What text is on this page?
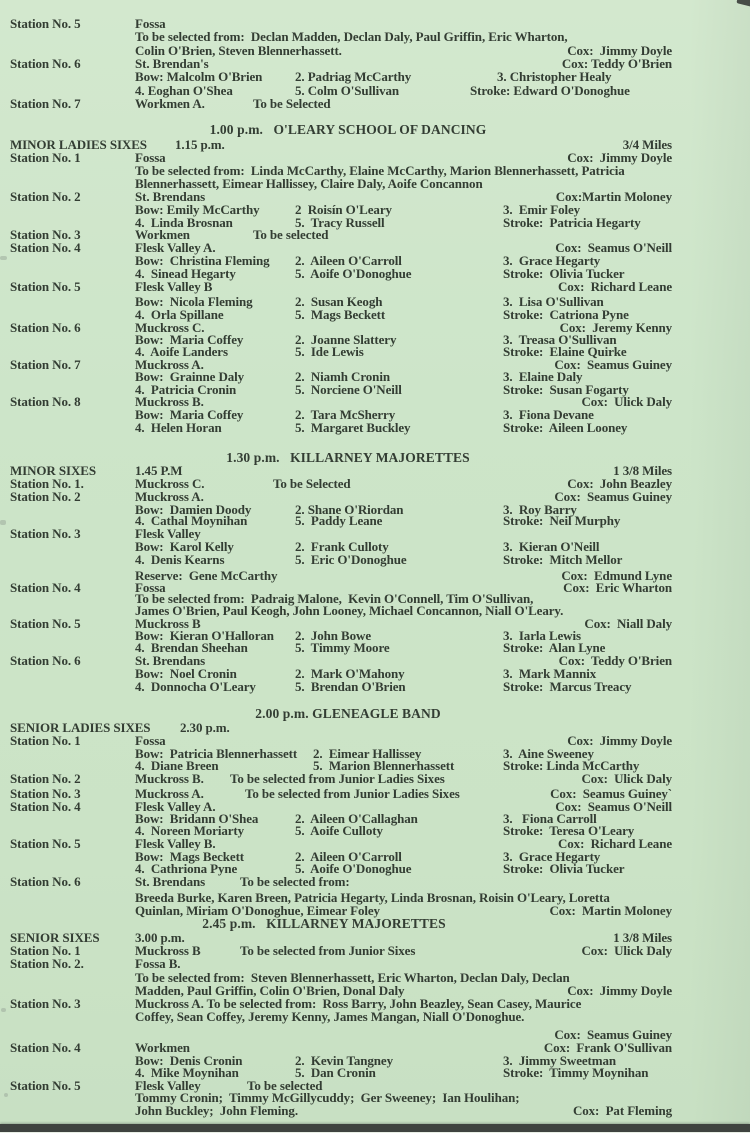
Station No. 5	Fossa
To be selected from:  Declan Madden, Declan Daly, Paul Griffin, Eric Wharton,
Colin O'Brien, Steven Blennerhassett.	Cox:  Jimmy Doyle
Station No. 6	St. Brendan's	Cox: Teddy O'Brien
Bow: Malcolm O'Brien	2. Padriag McCarthy	3. Christopher Healy
4. Eoghan O'Shea	5. Colm O'Sullivan	Stroke: Edward O'Donoghue
Station No. 7	Workmen A.	To be Selected
1.00 p.m.   O'LEARY SCHOOL OF DANCING
MINOR LADIES SIXES 1.15 p.m.	3/4 Miles
Station No. 1	Fossa	Cox:  Jimmy Doyle
To be selected from:  Linda McCarthy, Elaine McCarthy, Marion Blennerhassett, Patricia
Blennerhassett, Eimear Hallissey, Claire Daly, Aoife Concannon
Station No. 2	St. Brendans	Cox:Martin Moloney
Bow: Emily McCarthy	2  Roisín O'Leary	3.  Emir Foley
4.  Linda Brosnan	5.  Tracy Russell	Stroke:  Patricia Hegarty
Station No. 3	Workmen	To be selected
Station No. 4	Flesk Valley A.	Cox:  Seamus O'Neill
Bow:  Christina Fleming 2.  Aileen O'Carroll	3.  Grace Hegarty
4.  Sinead Hegarty	5.  Aoife O'Donoghue	Stroke:  Olivia Tucker
Station No. 5	Flesk Valley B	Cox:  Richard Leane
Bow:  Nicola Fleming	2.  Susan Keogh	3.  Lisa O'Sullivan
4.  Orla Spillane	5.  Mags Beckett	Stroke:  Catriona Pyne
Station No. 6	Muckross C.	Cox:  Jeremy Kenny
Bow:  Maria Coffey	2.  Joanne Slattery	3.  Treasa O'Sullivan
4.  Aoife Landers	5.  Ide Lewis	Stroke:  Elaine Quirke
Station No. 7	Muckross A.	Cox:  Seamus Guiney
Bow:  Grainne Daly	2.  Niamh Cronin	3.  Elaine Daly
4.  Patricia Cronin	5.  Norciene O'Neill	Stroke:  Susan Fogarty
Station No. 8	Muckross B.	Cox:  Ulick Daly
Bow:  Maria Coffey	2.  Tara McSherry	3.  Fiona Devane
4.  Helen Horan	5.  Margaret Buckley	Stroke:  Aileen Looney
1.30 p.m.   KILLARNEY MAJORETTES
MINOR SIXES	1.45 P.M	1 3/8 Miles
Station No. 1.	Muckross C.	To be Selected	Cox:  John Beazley
Station No. 2	Muckross A.	Cox:  Seamus Guiney
Bow:  Damien Doody	2. Shane O'Riordan	3.  Roy Barry
4.  Cathal Moynihan	5.  Paddy Leane	Stroke:  Neil Murphy
Station No. 3	Flesk Valley
Bow:  Karol Kelly	2.  Frank Culloty	3.  Kieran O'Neill
4.  Denis Kearns	5.  Eric O'Donoghue	Stroke:  Mitch Mellor
Reserve:  Gene McCarthy	Cox:  Edmund Lyne
Station No. 4	Fossa	Cox:  Eric Wharton
To be selected from:  Padraig Malone,  Kevin O'Connell, Tim O'Sullivan,
James O'Brien, Paul Keogh, John Looney, Michael Concannon, Niall O'Leary.
Station No. 5	Muckross B	Cox:  Niall Daly
Bow:  Kieran O'Halloran 2.  John Bowe	3.  Iarla Lewis
4.  Brendan Sheehan	5.  Timmy Moore	Stroke:  Alan Lyne
Station No. 6	St. Brendans	Cox:  Teddy O'Brien
Bow:  Noel Cronin	2.  Mark O'Mahony	3.  Mark Mannix
4.  Donnocha O'Leary	5.  Brendan O'Brien	Stroke:  Marcus Treacy
2.00 p.m. GLENEAGLE BAND
SENIOR LADIES SIXES 2.30 p.m.
Station No. 1	Fossa	Cox:  Jimmy Doyle
Bow:  Patricia Blennerhassett 2.  Eimear Hallissey	3.  Aine Sweeney
4.  Diane Breen	5.  Marion Blennerhassett	Stroke: Linda McCarthy
Station No. 2	Muckross B. To be selected from Junior Ladies Sixes	Cox:  Ulick Daly
Station No. 3	Muckross A.	To be selected from Junior Ladies Sixes	Cox:  Seamus Guiney`
Station No. 4	Flesk Valley A.	Cox:  Seamus O'Neill
Bow:  Bridann O'Shea	2.  Aileen O'Callaghan	3.   Fiona Carroll
4.  Noreen Moriarty	5.  Aoife Culloty	Stroke:  Teresa O'Leary
Station No. 5	Flesk Valley B.	Cox:  Richard Leane
Bow:  Mags Beckett	2.  Aileen O'Carroll	3.  Grace Hegarty
4.  Cathriona Pyne	5.  Aoife O'Donoghue	Stroke:  Olivia Tucker
Station No. 6	St. Brendans	To be selected from:
Breeda Burke, Karen Breen, Patricia Hegarty, Linda Brosnan, Roisin O'Leary, Loretta
Quinlan, Miriam O'Donoghue, Eimear Foley	Cox:  Martin Moloney
2.45 p.m.   KILLARNEY MAJORETTES
SENIOR SIXES	3.00 p.m.	1 3/8 Miles
Station No. 1	Muckross B	To be selected from Junior Sixes	Cox:  Ulick Daly
Station No. 2.	Fossa B.
To be selected from:  Steven Blennerhassett, Eric Wharton, Declan Daly, Declan
Madden, Paul Griffin, Colin O'Brien, Donal Daly	Cox:  Jimmy Doyle
Station No. 3	Muckross A. To be selected from:  Ross Barry, John Beazley, Sean Casey, Maurice
Coffey, Sean Coffey, Jeremy Kenny, James Mangan, Niall O'Donoghue.
Cox:  Seamus Guiney
Station No. 4	Workmen	Cox:  Frank O'Sullivan
Bow:  Denis Cronin	2.  Kevin Tangney	3.  Jimmy Sweetman
4.  Mike Moynihan	5.  Dan Cronin	Stroke:  Timmy Moynihan
Station No. 5	Flesk Valley	To be selected
Tommy Cronin;  Timmy McGillycuddy;  Ger Sweeney;  Ian Houlihan;
John Buckley;  John Fleming.	Cox:  Pat Fleming
